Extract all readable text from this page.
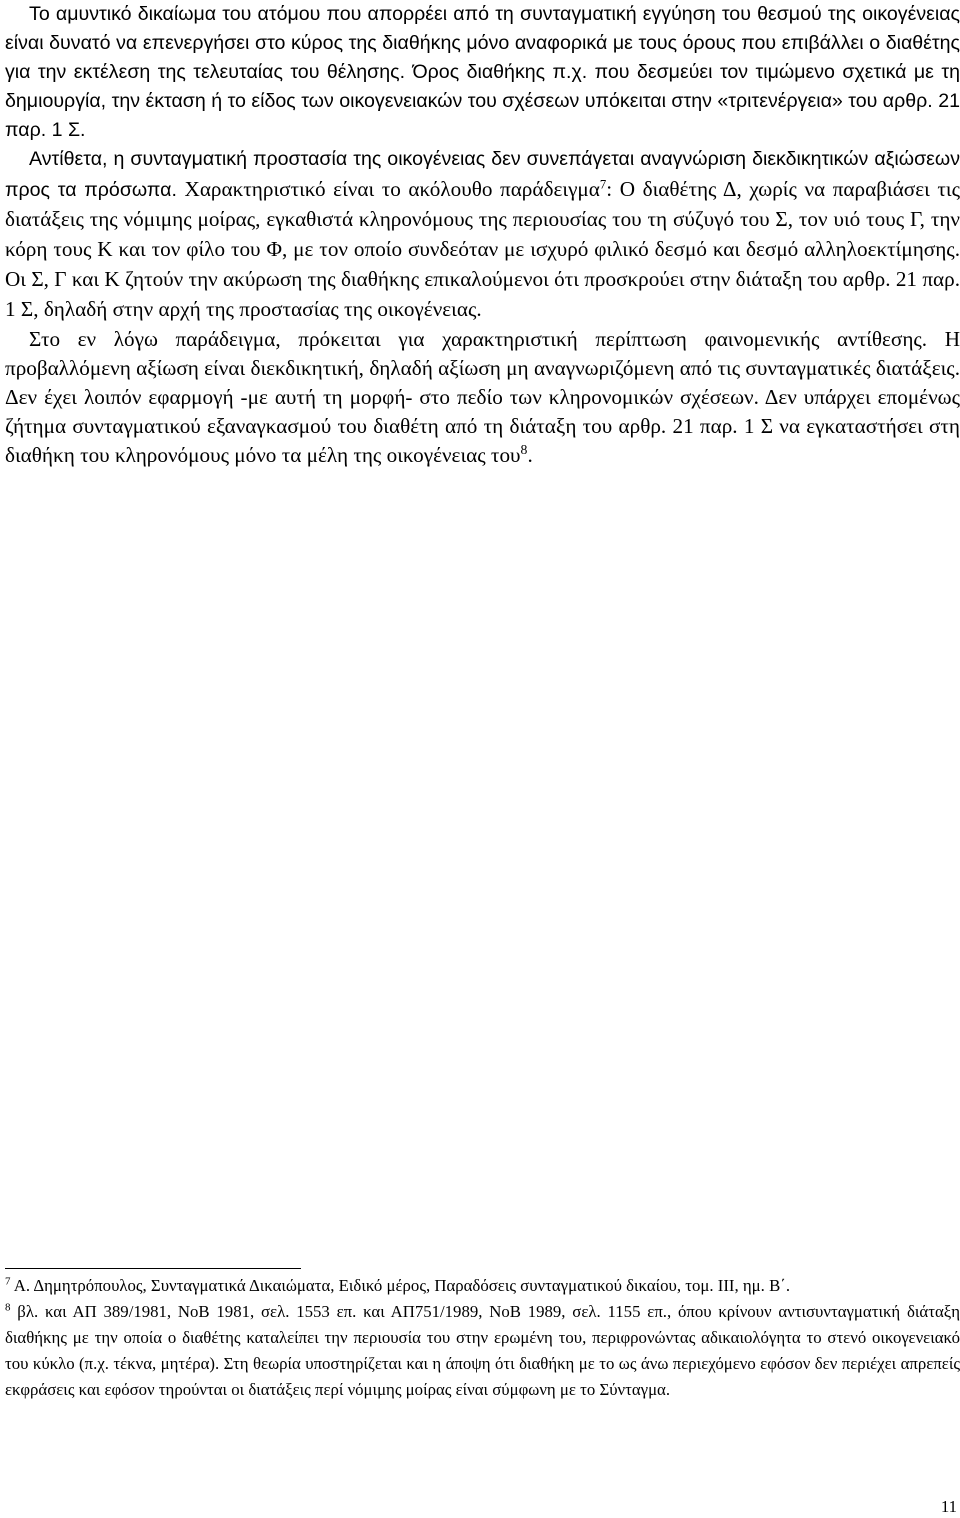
Το αμυντικό δικαίωμα του ατόμου που απορρέει από τη συνταγματική εγγύηση του θεσμού της οικογένειας είναι δυνατό να επενεργήσει στο κύρος της διαθήκης μόνο αναφορικά με τους όρους που επιβάλλει ο διαθέτης για την εκτέλεση της τελευταίας του θέλησης. Όρος διαθήκης π.χ. που δεσμεύει τον τιμώμενο σχετικά με τη δημιουργία, την έκταση ή το είδος των οικογενειακών του σχέσεων υπόκειται στην «τριτενέργεια» του αρθρ. 21 παρ. 1 Σ.

Αντίθετα, η συνταγματική προστασία της οικογένειας δεν συνεπάγεται αναγνώριση διεκδικητικών αξιώσεων προς τα πρόσωπα. Χαρακτηριστικό είναι το ακόλουθο παράδειγμα$^7$: Ο διαθέτης Δ, χωρίς να παραβιάσει τις διατάξεις της νόμιμης μοίρας, εγκαθιστά κληρονόμους της περιουσίας του τη σύζυγό του Σ, τον υιό τους Γ, την κόρη τους Κ και τον φίλο του Φ, με τον οποίο συνδεόταν με ισχυρό φιλικό δεσμό και δεσμό αλληλοεκτίμησης. Οι Σ, Γ και Κ ζητούν την ακύρωση της διαθήκης επικαλούμενοι ότι προσκρούει στην διάταξη του αρθρ. 21 παρ. 1 Σ, δηλαδή στην αρχή της προστασίας της οικογένειας.

Στο εν λόγω παράδειγμα, πρόκειται για χαρακτηριστική περίπτωση φαινομενικής αντίθεσης. Η προβαλλόμενη αξίωση είναι διεκδικητική, δηλαδή αξίωση μη αναγνωριζόμενη από τις συνταγματικές διατάξεις. Δεν έχει λοιπόν εφαρμογή -με αυτή τη μορφή- στο πεδίο των κληρονομικών σχέσεων. Δεν υπάρχει επομένως ζήτημα συνταγματικού εξαναγκασμού του διαθέτη από τη διάταξη του αρθρ. 21 παρ. 1 Σ να εγκαταστήσει στη διαθήκη του κληρονόμους μόνο τα μέλη της οικογένειας του$^8$.

$^7$ Α. Δημητρόπουλος, Συνταγματικά Δικαιώματα, Ειδικό μέρος, Παραδόσεις συνταγματικού δικαίου, τομ. ΙΙΙ, ημ. Β΄.

$^8$ βλ. και ΑΠ 389/1981, ΝοΒ 1981, σελ. 1553 επ. και ΑΠ751/1989, ΝοΒ 1989, σελ. 1155 επ., όπου κρίνουν αντισυνταγματική διάταξη διαθήκης με την οποία ο διαθέτης καταλείπει την περιουσία του στην ερωμένη του, περιφρονώντας αδικαιολόγητα το στενό οικογενειακό του κύκλο (π.χ. τέκνα, μητέρα). Στη θεωρία υποστηρίζεται και η άποψη ότι διαθήκη με το ως άνω περιεχόμενο εφόσον δεν περιέχει απρεπείς εκφράσεις και εφόσον τηρούνται οι διατάξεις περί νόμιμης μοίρας είναι σύμφωνη με το Σύνταγμα.

11
